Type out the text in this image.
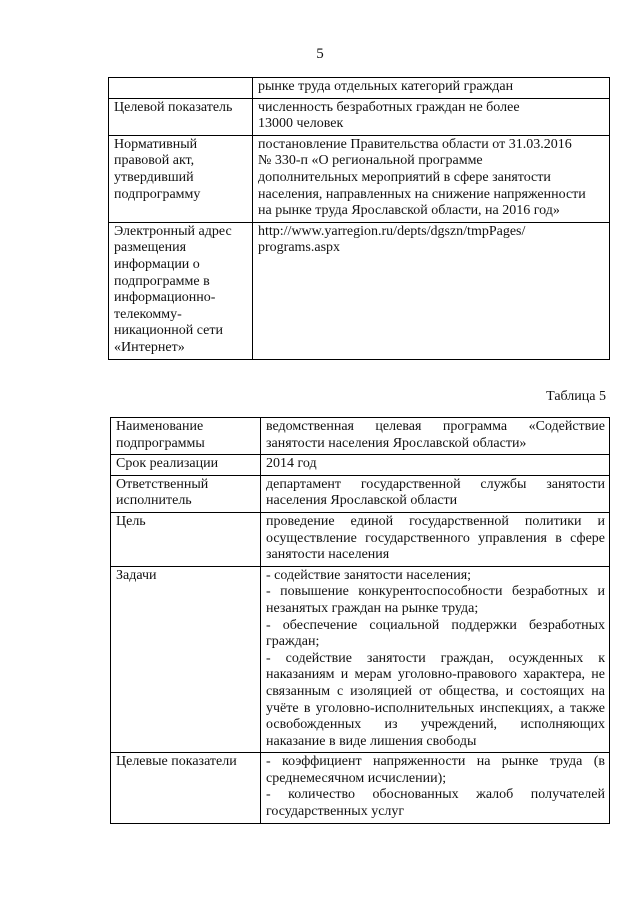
5

	рынке труда отдельных категорий граждан

Целевой показатель	численность безработных граждан не более
13000 человек

Нормативный правовой акт, утвердивший подпрограмму	постановление Правительства области от 31.03.2016
№ 330-п «О региональной программе
дополнительных мероприятий в сфере занятости
населения, направленных на снижение напряженности
на рынке труда Ярославской области, на 2016 год»

Электронный адрес размещения информации о подпрограмме в информационно-телекомму-никационной сети «Интернет»	http://www.yarregion.ru/depts/dgszn/tmpPages/
programs.aspx
Таблица 5
Наименование подпрограммы	ведомственная целевая программа «Содействие занятости населения Ярославской области»
Срок реализации	2014 год
Ответственный исполнитель	департамент государственной службы занятости населения Ярославской области
Цель	проведение единой государственной политики и осуществление государственного управления в сфере занятости населения
Задачи	- содействие занятости населения;
- повышение конкурентоспособности безработных и незанятых граждан на рынке труда;
- обеспечение социальной поддержки безработных граждан;
- содействие занятости граждан, осужденных к наказаниям и мерам уголовно-правового характера, не связанным с изоляцией от общества, и состоящих на учёте в уголовно-исполнительных инспекциях, а также освобожденных из учреждений, исполняющих наказание в виде лишения свободы

Целевые показатели	- коэффициент напряженности на рынке труда (в среднемесячном исчислении);
- количество обоснованных жалоб получателей государственных услуг
